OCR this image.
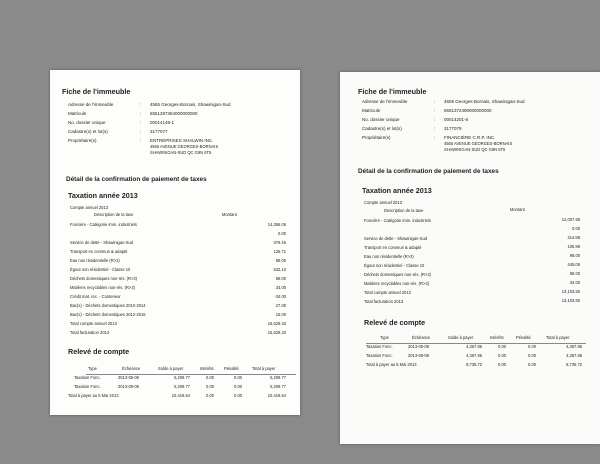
Fiche de l'immeuble
Adresse de l'immeuble	: 4565 Georges-Bornais, Shawinigan-Sud
Matricule	: 6551287364000000000
No. dossier unique	: 00014148-1
Cadastre(s) et lot(s)	: 3177077
Propriétaire(s)	: ENTREPRISES SHALWIN INC.
4565 AVENUE GEORGES-BORNAIS
SHAWINIGAN-SUD QC G9N 6T5
Détail de la confirmation de paiement de taxes
Taxation année 2013
Compte annuel 2013
Description de la taxe	Montant
Foncière - Catégorie imm. industriels	14,356.06
0.00
Service de dette - Shawinigan-Sud	376.46
Transport en commun & adapté	126.71
Eau non résidentielle (R>3)	98.00
Égout non résidentiel - Classe 10	532.10
Déchets domestiques non-rés. (R>3)	98.00
Matières recyclables non-rés. (R>3)	34.00
Crédit mat. rec. - Conteneur	-34.00
Bac(s) - Déchets domestiques 2010-2014	27.00
Bac(s) - Déchets domestiques 2012-2016	15.00
Total compte annuel 2013	15,629.33
Total facturation 2013	15,629.33
Relevé de compte
Type	Échéance	Solde à payer	Intérêts	Pénalité	Total à payer
Taxation Fonc.	2013-05-08	5,209.77	0.00	0.00	5,209.77
Taxation Fonc.	2013-09-08	5,209.77	0.00	0.00	5,209.77
Total à payer au 5 Mai 2013	10,419.54	0.00	0.00	10,419.54
Fiche de l'immeuble
Adresse de l'immeuble	: 4605 Georges-Bornais, Shawinigan-Sud
Matricule	: 6551372490000000000
No. dossier unique	: 00014201-8
Cadastre(s) et lot(s)	: 3177079
Propriétaire(s)	: FINANCIÈRE C.R.P. INC.
4565 AVENUE GEORGES-BORNAIS
SHAWINIGAN-SUD QC G9N 6T5
Détail de la confirmation de paiement de taxes
Taxation année 2013
Compte annuel 2013
Description de la taxe	Montant
Foncière - Catégorie imm. industriels	12,007.68
0.00
Service de dette - Shawinigan-Sud	314.88
Transport en commun & adapté	105.98
Eau non résidentielle (R>3)	98.00
Égout non résidentiel - Classe 10	445.06
Déchets domestiques non-rés. (R>3)	98.00
Matières recyclables non-rés. (R>3)	34.00
Total compte annuel 2013	13,103.60
Total facturation 2013	13,103.60
Relevé de compte
Type	Échéance	Solde à payer	Intérêts	Pénalité	Total à payer
Taxation Fonc.	2013-05-08	4,367.86	0.00	0.00	4,367.86
Taxation Fonc.	2013-09-08	4,367.86	0.00	0.00	4,367.86
Total à payer au 5 Mai 2013	8,735.72	0.00	0.00	8,735.72
